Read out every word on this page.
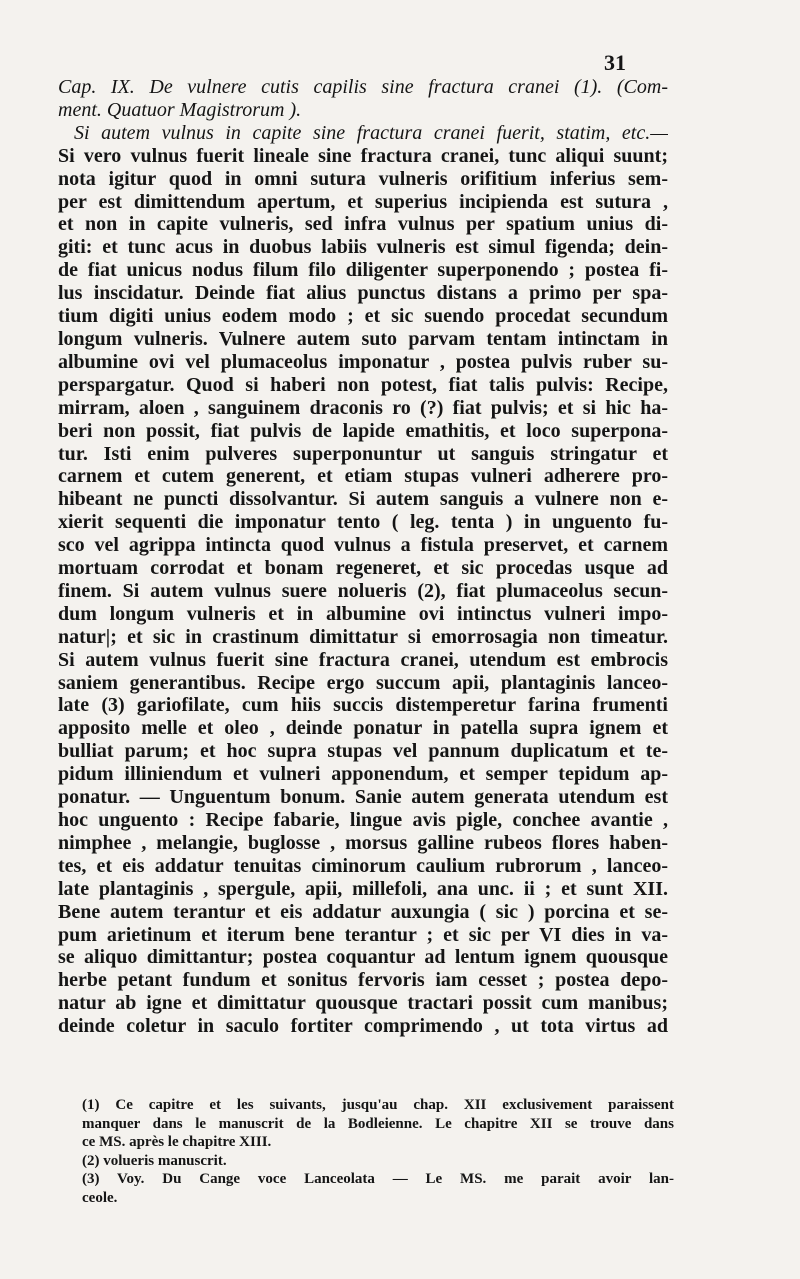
31
Cap. IX. De vulnere cutis capilis sine fractura cranei (1). (Com-
ment. Quatuor Magistrorum ).
Si autem vulnus in capite sine fractura cranei fuerit, statim, etc.—
Si vero vulnus fuerit lineale sine fractura cranei, tunc aliqui suunt;
nota igitur quod in omni sutura vulneris orifitium inferius sem-
per est dimittendum apertum, et superius incipienda est sutura ,
et non in capite vulneris, sed infra vulnus per spatium unius di-
giti: et tunc acus in duobus labiis vulneris est simul figenda; dein-
de fiat unicus nodus filum filo diligenter superponendo ; postea fi-
lus inscidatur. Deinde fiat alius punctus distans a primo per spa-
tium digiti unius eodem modo ; et sic suendo procedat secundum
longum vulneris. Vulnere autem suto parvam tentam intinctam in
albumine ovi vel plumaceolus imponatur , postea pulvis ruber su-
perspargatur. Quod si haberi non potest, fiat talis pulvis: Recipe,
mirram, aloen , sanguinem draconis ro (?) fiat pulvis; et si hic ha-
beri non possit, fiat pulvis de lapide emathitis, et loco superpona-
tur. Isti enim pulveres superponuntur ut sanguis stringatur et
carnem et cutem generent, et etiam stupas vulneri adherere pro-
hibeant ne puncti dissolvantur. Si autem sanguis a vulnere non e-
xierit sequenti die imponatur tento ( leg. tenta ) in unguento fu-
sco vel agrippa intincta quod vulnus a fistula preservet, et carnem
mortuam corrodat et bonam regeneret, et sic procedas usque ad
finem. Si autem vulnus suere nolueris (2), fiat plumaceolus secun-
dum longum vulneris et in albumine ovi intinctus vulneri impo-
natur|; et sic in crastinum dimittatur si emorrosagia non timeatur.
Si autem vulnus fuerit sine fractura cranei, utendum est embrocis
saniem generantibus. Recipe ergo succum apii, plantaginis lanceo-
late (3) gariofilate, cum hiis succis distemperetur farina frumenti
apposito melle et oleo , deinde ponatur in patella supra ignem et
bulliat parum; et hoc supra stupas vel pannum duplicatum et te-
pidum illiniendum et vulneri apponendum, et semper tepidum ap-
ponatur. — Unguentum bonum. Sanie autem generata utendum est
hoc unguento : Recipe fabarie, lingue avis pigle, conchee avantie ,
nimphee , melangie, buglosse , morsus galline rubeos flores haben-
tes, et eis addatur tenuitas ciminorum caulium rubrorum , lanceo-
late plantaginis , spergule, apii, millefoli, ana unc. ii ; et sunt XII.
Bene autem terantur et eis addatur auxungia ( sic ) porcina et se-
pum arietinum et iterum bene terantur ; et sic per VI dies in va-
se aliquo dimittantur; postea coquantur ad lentum ignem quousque
herbe petant fundum et sonitus fervoris iam cesset ; postea depo-
natur ab igne et dimittatur quousque tractari possit cum manibus;
deinde coletur in saculo fortiter comprimendo , ut tota virtus ad
(1) Ce capitre et les suivants, jusqu'au chap. XII exclusivement paraissent
manquer dans le manuscrit de la Bodleienne. Le chapitre XII se trouve dans
ce MS. après le chapitre XIII.
(2) volueris manuscrit.
(3) Voy. Du Cange voce Lanceolata — Le MS. me parait avoir lan-
ceole.
